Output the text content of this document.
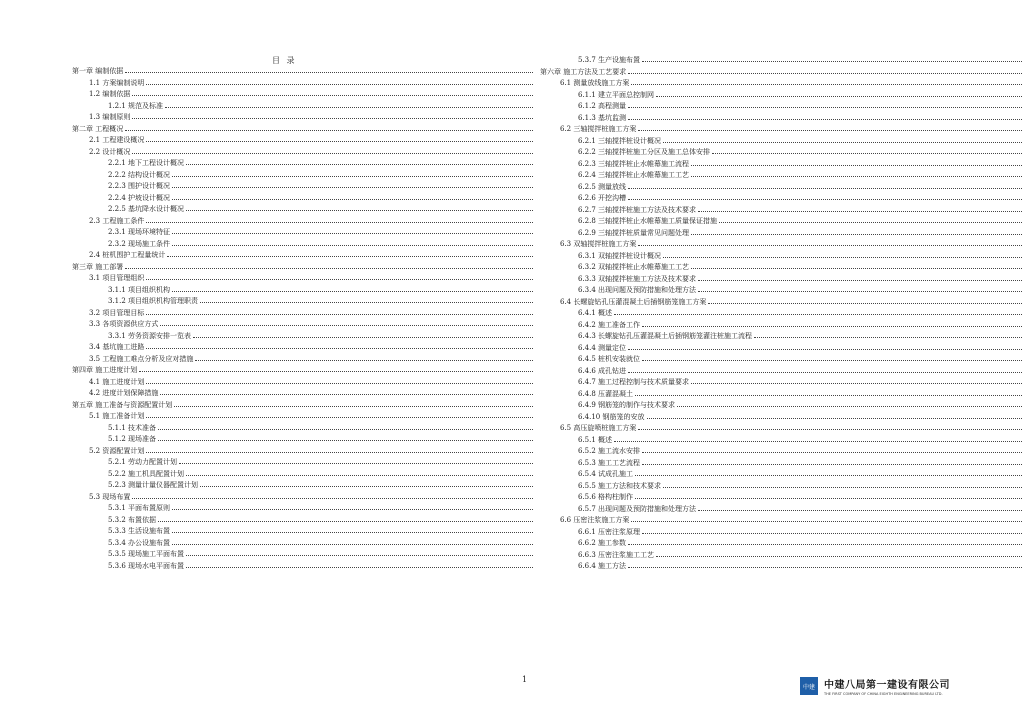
目 录
第一章 编制依据
1.1 方案编制说明
1.2 编制依据
1.2.1 规范及标准
1.3 编制原则
第二章 工程概况
2.1 工程建设概况
2.2 设计概况
2.2.1 地下工程设计概况
2.2.2 结构设计概况
2.2.3 围护设计概况
2.2.4 护坡设计概况
2.2.5 基坑降水设计概况
2.3 工程施工条件
2.3.1 现场环境特征
2.3.2 现场施工条件
2.4 桩机围护工程量统计
第三章 施工部署
3.1 项目管理组织
3.1.1 项目组织机构
3.1.2 项目组织机构管理职责
3.2 项目管理目标
3.3 各项资源供应方式
3.3.1 劳务资源安排一览表
3.4 基坑施工进路
3.5 工程施工难点分析及应对措施
第四章 施工进度计划
4.1 施工进度计划
4.2 进度计划保障措施
第五章 施工准备与资源配置计划
5.1 施工准备计划
5.1.1 技术准备
5.1.2 现场准备
5.2 资源配置计划
5.2.1 劳动力配置计划
5.2.2 施工机具配置计划
5.2.3 测量计量仪器配置计划
5.3 现场布置
5.3.1 平面布置原则
5.3.2 布置依据
5.3.3 生活设施布置
5.3.4 办公设施布置
5.3.5 现场施工平面布置
5.3.6 现场水电平面布置
5.3.7 生产设施布置
第六章 施工方法及工艺要求
6.1 测量放线施工方案
6.1.1 建立平面总控制网
6.1.2 高程测量
6.1.3 基坑监测
6.2 三轴搅拌桩施工方案
6.2.1 三轴搅拌桩设计概况
6.2.2 三轴搅拌桩施工分区及施工总体安排
6.2.3 三轴搅拌桩止水帷幕施工流程
6.2.4 三轴搅拌桩止水帷幕施工工艺
6.2.5 测量放线
6.2.6 开挖沟槽
6.2.7 三轴搅拌桩施工方法及技术要求
6.2.8 三轴搅拌桩止水帷幕施工质量保证措施
6.2.9 三轴搅拌桩质量常见问题处理
6.3 双轴搅拌桩施工方案
6.3.1 双轴搅拌桩设计概况
6.3.2 双轴搅拌桩止水帷幕施工工艺
6.3.3 双轴搅拌桩施工方法及技术要求
6.3.4 出现问题及预防措施和处理方法
6.4 长螺旋钻孔压灌混凝土后插钢筋笼施工方案
6.4.1 概述
6.4.2 施工准备工作
6.4.3 长螺旋钻孔压灌混凝土后插钢筋笼灌注桩施工流程
6.4.4 测量定位
6.4.5 桩机安装就位
6.4.6 成孔钻进
6.4.7 施工过程控制与技术质量要求
6.4.8 压灌混凝土
6.4.9 钢筋笼的制作与技术要求
6.4.10 钢筋笼的安放
6.5 高压旋喷桩施工方案
6.5.1 概述
6.5.2 施工流水安排
6.5.3 施工工艺流程
6.5.4 试成孔施工
6.5.5 施工方法和技术要求
6.5.6 格构柱制作
6.5.7 出现问题及预防措施和处理方法
6.6 压密注浆施工方案
6.6.1 压密注浆原理
6.6.2 施工参数
6.6.3 压密注浆施工工艺
6.6.4 施工方法
1
中建 中建八局第一建设有限公司
THE FIRST COMPANY OF CHINA EIGHTH ENGINEERING BUREAU LTD.
